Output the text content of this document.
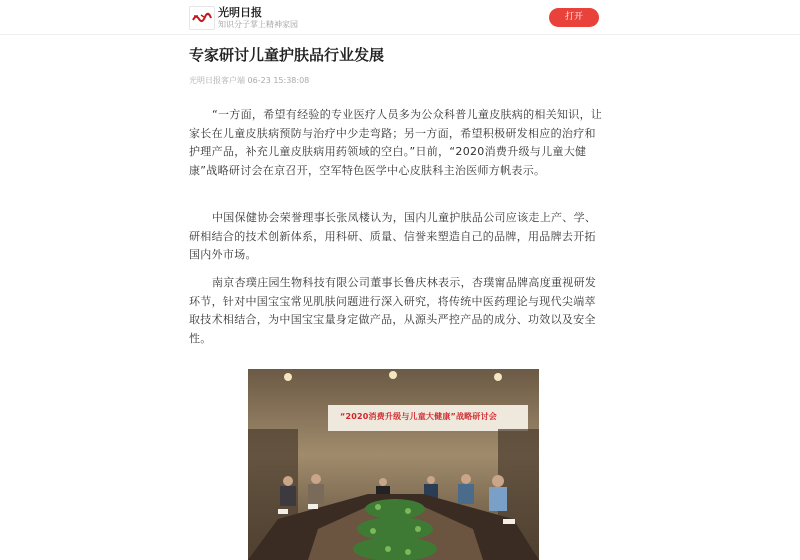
光明日报
知识分子掌上精神家园
打开
专家研讨儿童护肤品行业发展
光明日报客户端 06-23 15:38:08

“一方面，希望有经验的专业医疗人员多为公众科普儿童皮肤病的相关知识，让家长在儿童皮肤病预防与治疗中少走弯路；另一方面，希望积极研发相应的治疗和护理产品，补充儿童皮肤病用药领域的空白。”日前，“2020消费升级与儿童大健康”战略研讨会在京召开，空军特色医学中心皮肤科主治医师方帆表示。

中国保健协会荣誉理事长张凤楼认为，国内儿童护肤品公司应该走上产、学、研相结合的技术创新体系，用科研、质量、信誉来塑造自己的品牌，用品牌去开拓国内外市场。

南京杏璞庄园生物科技有限公司董事长鲁庆林表示，杏璞甯品牌高度重视研发环节，针对中国宝宝常见肌肤问题进行深入研究，将传统中医药理论与现代尖端萃取技术相结合，为中国宝宝量身定做产品，从源头严控产品的成分、功效以及安全性。

“2020消费升级与儿童大健康”战略研讨会
